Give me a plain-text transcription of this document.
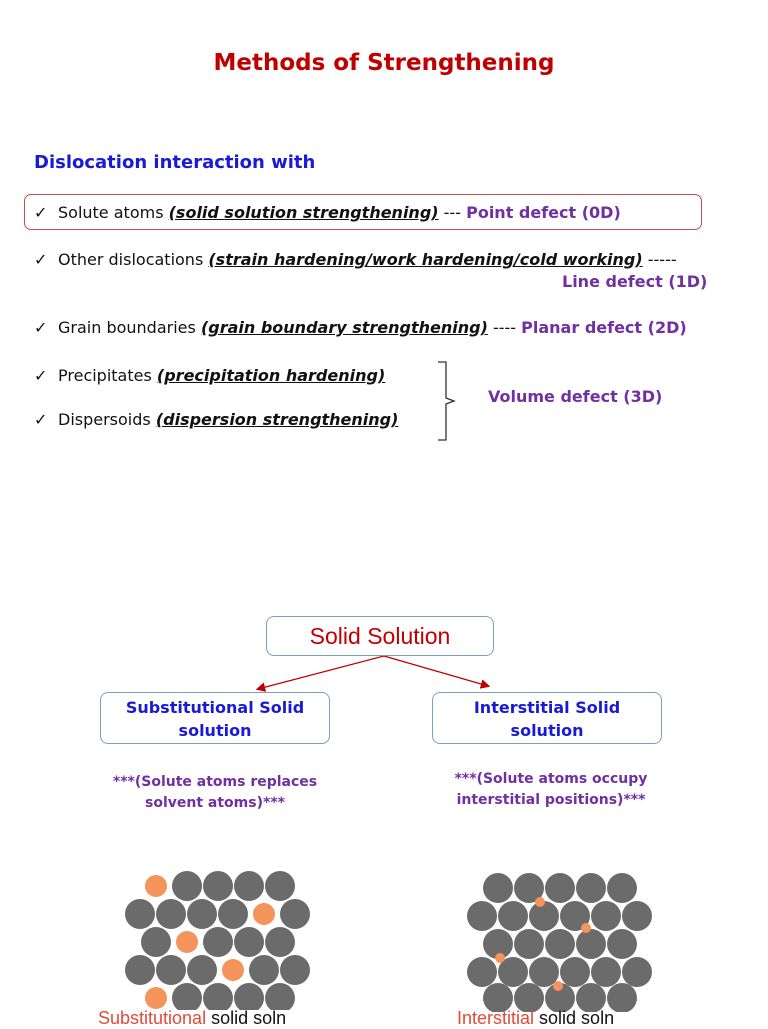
Methods of Strengthening
Dislocation interaction with
✓ Solute atoms (solid solution strengthening) --- Point defect (0D)
✓ Other dislocations (strain hardening/work hardening/cold working) -----
Line defect (1D)
✓ Grain boundaries (grain boundary strengthening) ---- Planar defect (2D)
✓ Precipitates (precipitation hardening)
✓ Dispersoids (dispersion strengthening)
Volume defect (3D)
Solid Solution
Substitutional Solid
solution
Interstitial Solid
solution
***(Solute atoms replaces
solvent atoms)***
***(Solute atoms occupy
interstitial positions)***
Substitutional solid soln	Interstitial solid soln
